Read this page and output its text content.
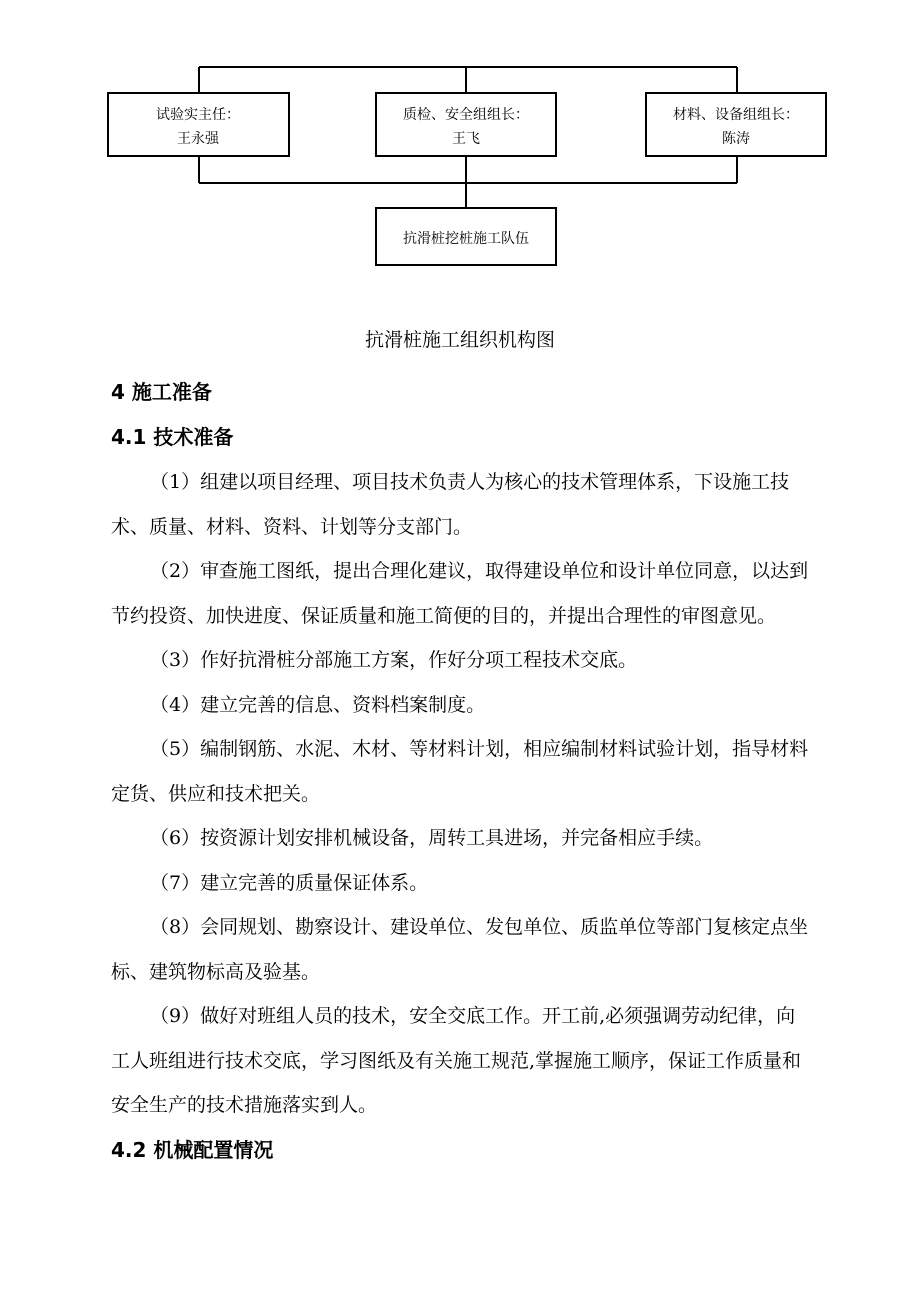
试验实主任：
王永强
质检、安全组组长：
王飞
材料、设备组组长：
陈涛
抗滑桩挖桩施工队伍
抗滑桩施工组织机构图
4 施工准备
4.1 技术准备

（1）组建以项目经理、项目技术负责人为核心的技术管理体系，下设施工技术、质量、材料、资料、计划等分支部门。

（2）审查施工图纸，提出合理化建议，取得建设单位和设计单位同意，以达到节约投资、加快进度、保证质量和施工简便的目的，并提出合理性的审图意见。

（3）作好抗滑桩分部施工方案，作好分项工程技术交底。

（4）建立完善的信息、资料档案制度。

（5）编制钢筋、水泥、木材、等材料计划，相应编制材料试验计划，指导材料定货、供应和技术把关。

（6）按资源计划安排机械设备，周转工具进场，并完备相应手续。

（7）建立完善的质量保证体系。

（8）会同规划、勘察设计、建设单位、发包单位、质监单位等部门复核定点坐标、建筑物标高及验基。

（9）做好对班组人员的技术，安全交底工作。开工前,必须强调劳动纪律，向工人班组进行技术交底，学习图纸及有关施工规范,掌握施工顺序，保证工作质量和安全生产的技术措施落实到人。

4.2 机械配置情况
